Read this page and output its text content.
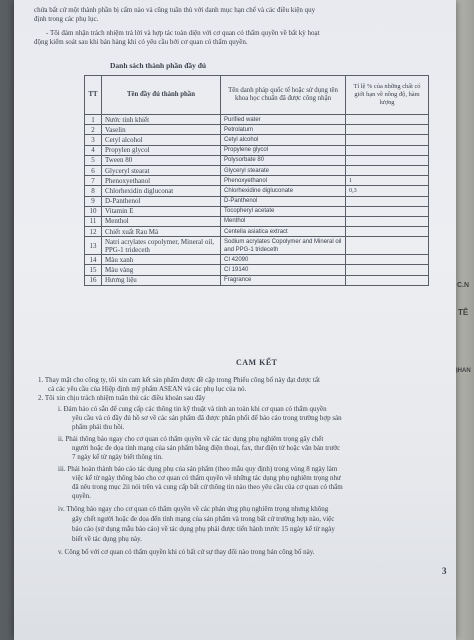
C.N
TÊ
ỊHAN
chứa bất cứ một thành phần bị cấm nào và cũng tuân thủ với danh mục hạn chế và các điều kiện quy
định trong các phụ lục.
- Tôi đảm nhận trách nhiệm trả lời và hợp tác toàn diện với cơ quan có thẩm quyền về bất kỳ hoạt
động kiểm soát sau khi bán hàng khi có yêu cầu bởi cơ quan có thẩm quyền.
Danh sách thành phần đầy đủ
TT	Tên đầy đủ thành phần	Tên danh pháp quốc tế hoặc sử dụng tên khoa học chuẩn đã được công nhận	Tỉ lệ % của những chất có giới hạn về nồng độ, hàm lượng
1	Nước tinh khiết	Purified water	
2	Vaselin	Petrolatum	
3	Cetyl alcohol	Cetyl alcohol	
4	Propylen glycol	Propylene glycol	
5	Tween 80	Polysorbate 80	
6	Glyceryl stearat	Glyceryl stearate	
7	Phenoxyethanol	Phenoxyethanol	1
8	Chlorhexidin digluconat	Chlorhexidine digluconate	0,3
9	D-Panthenol	D-Panthenol	
10	Vitamin E	Tocopheryl acetate	
11	Menthol	Menthol	
12	Chiết xuất Rau Má	Centella asiatica extract	
13	Natri acrylates copolymer, Mineral oil, PPG-1 trideceth	Sodium acrylates Copolymer and Mineral oil and PPG-1 trideceth	
14	Màu xanh	CI 42090	
15	Màu vàng	CI 19140	
16	Hương liệu	Fragrance	
CAM KẾT
1. Thay mặt cho công ty, tôi xin cam kết sản phẩm được đề cập trong Phiếu công bố này đạt được tất
cả các yêu cầu của Hiệp định mỹ phẩm ASEAN và các phụ lục của nó.
2. Tôi xin chịu trách nhiệm tuân thủ các điều khoản sau đây
i. Đảm bảo có sẵn để cung cấp các thông tin kỹ thuật và tính an toàn khi cơ quan có thẩm quyền
yêu cầu và có đầy đủ hồ sơ về các sản phẩm đã được phân phối để báo cáo trong trường hợp sản
phẩm phải thu hồi.
ii. Phải thông báo ngay cho cơ quan có thẩm quyền về các tác dụng phụ nghiêm trọng gây chết
người hoặc đe dọa tính mạng của sản phẩm bằng điện thoại, fax, thư điện tử hoặc văn bản trước
7 ngày kể từ ngày biết thông tin.
iii. Phải hoàn thành báo cáo tác dụng phụ của sản phẩm (theo mẫu quy định) trong vòng 8 ngày làm
việc kể từ ngày thông báo cho cơ quan có thẩm quyền về những tác dụng phụ nghiêm trọng như
đã nêu trong mục 2ii nói trên và cung cấp bất cứ thông tin nào theo yêu cầu của cơ quan có thẩm
quyền.
iv. Thông báo ngay cho cơ quan có thẩm quyền về các phản ứng phụ nghiêm trọng nhưng không
gây chết người hoặc đe dọa đến tính mạng của sản phẩm và trong bất cứ trường hợp nào, việc
báo cáo (sử dụng mẫu báo cáo) về tác dụng phụ phải được tiến hành trước 15 ngày kể từ ngày
biết về tác dụng phụ này.
v. Công bố với cơ quan có thẩm quyền khi có bất cứ sự thay đổi nào trong bản công bố này.
3
